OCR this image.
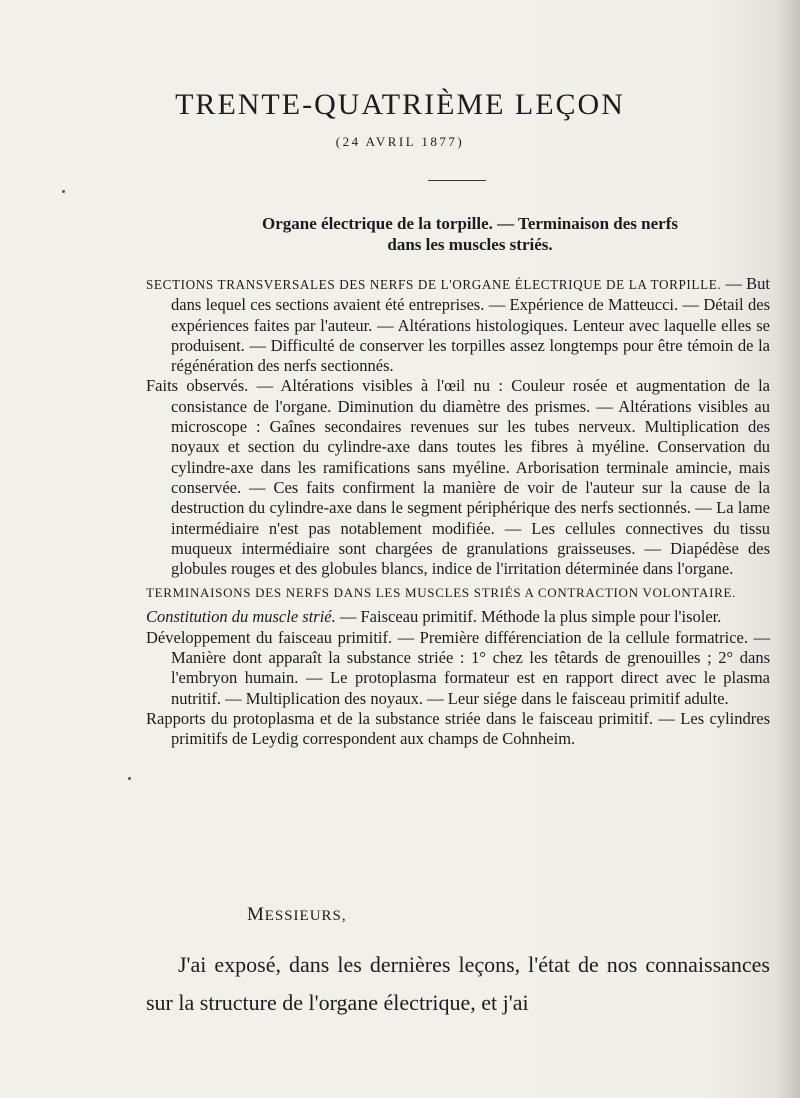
TRENTE-QUATRIÈME LEÇON
(24 AVRIL 1877)
Organe électrique de la torpille. — Terminaison des nerfs
dans les muscles striés.

SECTIONS TRANSVERSALES DES NERFS DE L'ORGANE ÉLECTRIQUE DE LA TORPILLE. — But dans lequel ces sections avaient été entreprises. — Expérience de Matteucci. — Détail des expériences faites par l'auteur. — Altérations histologiques. Lenteur avec laquelle elles se produisent. — Difficulté de conserver les torpilles assez longtemps pour être témoin de la régénération des nerfs sectionnés.

Faits observés. — Altérations visibles à l'œil nu : Couleur rosée et augmentation de la consistance de l'organe. Diminution du diamètre des prismes. — Altérations visibles au microscope : Gaînes secondaires revenues sur les tubes nerveux. Multiplication des noyaux et section du cylindre-axe dans toutes les fibres à myéline. Conservation du cylindre-axe dans les ramifications sans myéline. Arborisation terminale amincie, mais conservée. — Ces faits confirment la manière de voir de l'auteur sur la cause de la destruction du cylindre-axe dans le segment périphérique des nerfs sectionnés. — La lame intermédiaire n'est pas notablement modifiée. — Les cellules connectives du tissu muqueux intermédiaire sont chargées de granulations graisseuses. — Diapédèse des globules rouges et des globules blancs, indice de l'irritation déterminée dans l'organe.

TERMINAISONS DES NERFS DANS LES MUSCLES STRIÉS A CONTRACTION VOLONTAIRE.

Constitution du muscle strié. — Faisceau primitif. Méthode la plus simple pour l'isoler.

Développement du faisceau primitif. — Première différenciation de la cellule formatrice. — Manière dont apparaît la substance striée : 1° chez les têtards de grenouilles ; 2° dans l'embryon humain. — Le protoplasma formateur est en rapport direct avec le plasma nutritif. — Multiplication des noyaux. — Leur siége dans le faisceau primitif adulte.

Rapports du protoplasma et de la substance striée dans le faisceau primitif. — Les cylindres primitifs de Leydig correspondent aux champs de Cohnheim.

MESSIEURS,

J'ai exposé, dans les dernières leçons, l'état de nos connaissances sur la structure de l'organe électrique, et j'ai
